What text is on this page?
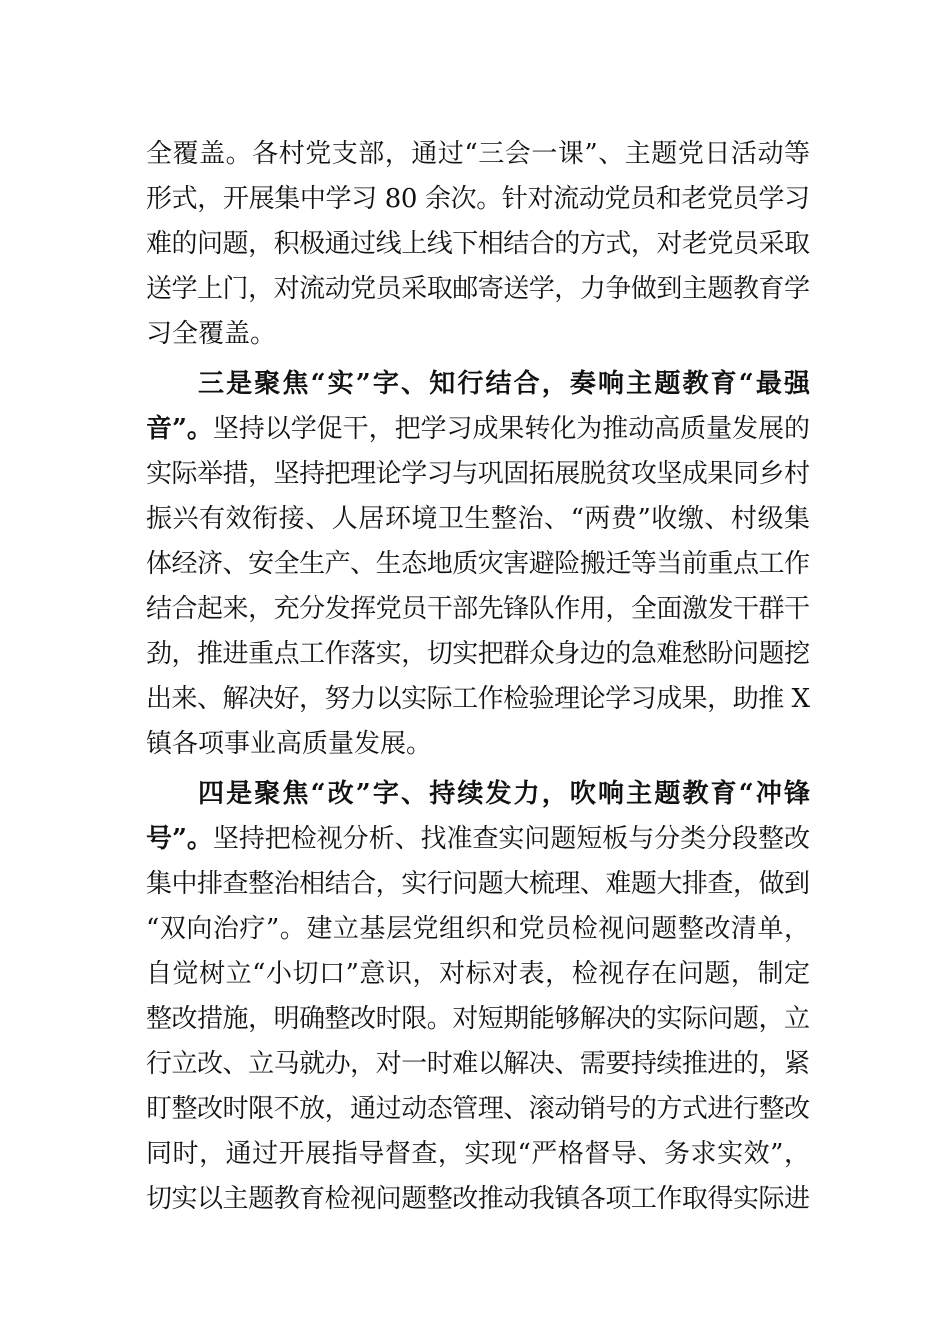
全覆盖。各村党支部，通过“三会一课”、主题党日活动等
形式，开展集中学习 80 余次。针对流动党员和老党员学习
难的问题，积极通过线上线下相结合的方式，对老党员采取
送学上门，对流动党员采取邮寄送学，力争做到主题教育学
习全覆盖。
三是聚焦“实”字、知行结合，奏响主题教育“最强
音”。 坚持以学促干，把学习成果转化为推动高质量发展的
实际举措，坚持把理论学习与巩固拓展脱贫攻坚成果同乡村
振兴有效衔接、人居环境卫生整治、“两费”收缴、村级集
体经济、安全生产、生态地质灾害避险搬迁等当前重点工作
结合起来，充分发挥党员干部先锋队作用，全面激发干群干
劲，推进重点工作落实，切实把群众身边的急难愁盼问题挖
出来、解决好，努力以实际工作检验理论学习成果，助推 X
镇各项事业高质量发展。
四是聚焦“改”字、持续发力，吹响主题教育“冲锋
号”。 坚持把检视分析、找准查实问题短板与分类分段整改
集中排查整治相结合，实行问题大梳理、难题大排查，做到
“双向治疗”。建立基层党组织和党员检视问题整改清单，
自觉树立“小切口”意识，对标对表，检视存在问题，制定
整改措施，明确整改时限。对短期能够解决的实际问题，立
行立改、立马就办，对一时难以解决、需要持续推进的，紧
盯整改时限不放，通过动态管理、滚动销号的方式进行整改
同时，通过开展指导督查，实现“严格督导、务求实效”，
切实以主题教育检视问题整改推动我镇各项工作取得实际进
